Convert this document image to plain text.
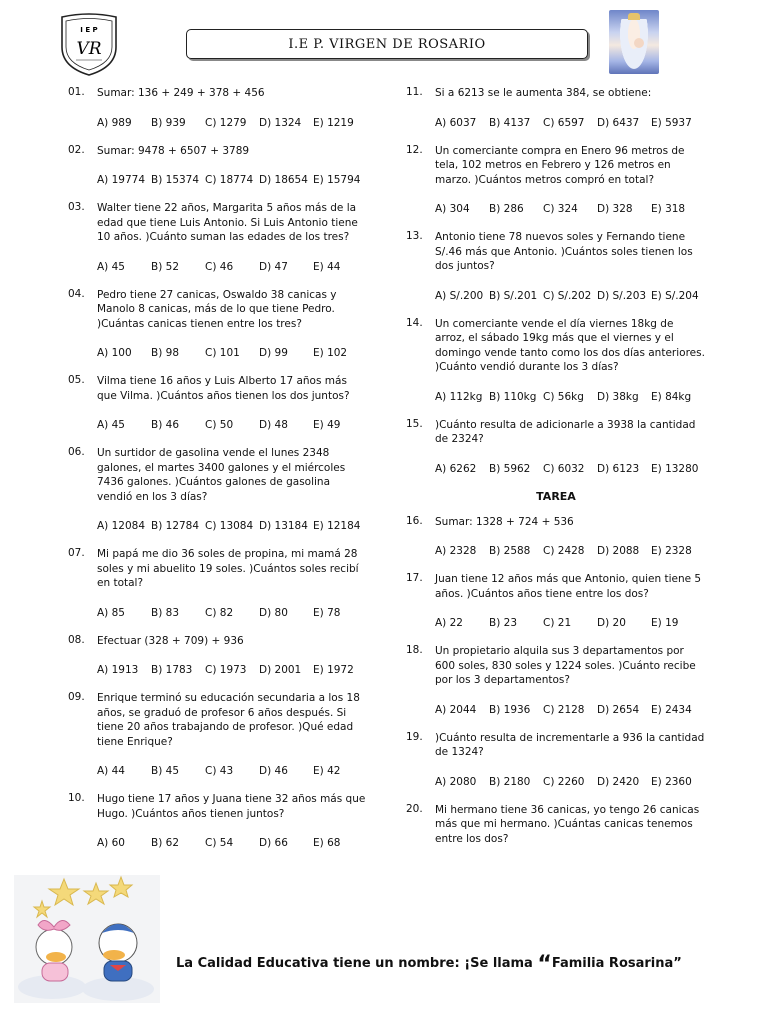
I E P
VR	I.E P. VIRGEN DE ROSARIO
01.	Sumar: 136 + 249 + 378 + 456
A) 989	B) 939	C) 1279	D) 1324	E) 1219
02.	Sumar: 9478 + 6507 + 3789
A) 19774 B) 15374 C) 18774 D) 18654 E) 15794
03.	Walter tiene 22 años, Margarita 5 años más de la edad que tiene Luis Antonio. Si Luis Antonio tiene 10 años. )Cuánto suman las edades de los tres?
A) 45	B) 52	C) 46	D) 47	E) 44
04.	Pedro tiene 27 canicas, Oswaldo 38 canicas y Manolo 8 canicas, más de lo que tiene Pedro. )Cuántas canicas tienen entre los tres?
A) 100	B) 98	C) 101	D) 99	E) 102
05.	Vilma tiene 16 años y Luis Alberto 17 años más que Vilma. )Cuántos años tienen los dos juntos?
A) 45	B) 46	C) 50	D) 48	E) 49
06.	Un surtidor de gasolina vende el lunes 2348 galones, el martes 3400 galones y el miércoles 7436 galones. )Cuántos galones de gasolina vendió en los 3 días?
A) 12084 B) 12784 C) 13084 D) 13184 E) 12184
07.	Mi papá me dio 36 soles de propina, mi mamá 28 soles y mi abuelito 19 soles. )Cuántos soles recibí en total?
A) 85	B) 83	C) 82	D) 80	E) 78
08.	Efectuar (328 + 709) + 936
A) 1913	B) 1783	C) 1973	D) 2001	E) 1972
09.	Enrique terminó su educación secundaria a los 18 años, se graduó de profesor 6 años después. Si tiene 20 años trabajando de profesor. )Qué edad tiene Enrique?
A) 44	B) 45	C) 43	D) 46	E) 42
10.	Hugo tiene 17 años y Juana tiene 32 años más que Hugo. )Cuántos años tienen juntos?
A) 60	B) 62	C) 54	D) 66	E) 68
11.	Si a 6213 se le aumenta 384, se obtiene:
A) 6037	B) 4137	C) 6597	D) 6437	E) 5937
12.	Un comerciante compra en Enero 96 metros de tela, 102 metros en Febrero y 126 metros en marzo. )Cuántos metros compró en total?
A) 304	B) 286	C) 324	D) 328	E) 318
13.	Antonio tiene 78 nuevos soles y Fernando tiene S/.46 más que Antonio. )Cuántos soles tienen los dos juntos?
A) S/.200 B) S/.201 C) S/.202 D) S/.203 E) S/.204
14.	Un comerciante vende el día viernes 18kg de arroz, el sábado 19kg más que el viernes y el domingo vende tanto como los dos días anteriores. )Cuánto vendió durante los 3 días?
A) 112kg B) 110kg C) 56kg	D) 38kg	E) 84kg
15.	)Cuánto resulta de adicionarle a 3938 la cantidad de 2324?
A) 6262	B) 5962	C) 6032	D) 6123	E) 13280
TAREA
16.	Sumar: 1328 + 724 + 536
A) 2328	B) 2588	C) 2428	D) 2088	E) 2328
17.	Juan tiene 12 años más que Antonio, quien tiene 5 años. )Cuántos años tiene entre los dos?
A) 22	B) 23	C) 21	D) 20	E) 19
18.	Un propietario alquila sus 3 departamentos por 600 soles, 830 soles y 1224 soles. )Cuánto recibe por los 3 departamentos?
A) 2044	B) 1936	C) 2128	D) 2654	E) 2434
19.	)Cuánto resulta de incrementarle a 936 la cantidad de 1324?
A) 2080	B) 2180	C) 2260	D) 2420	E) 2360
20.	Mi hermano tiene 36 canicas, yo tengo 26 canicas más que mi hermano. )Cuántas canicas tenemos entre los dos?
La Calidad Educativa tiene un nombre: ¡Se llama “Familia Rosarina”
